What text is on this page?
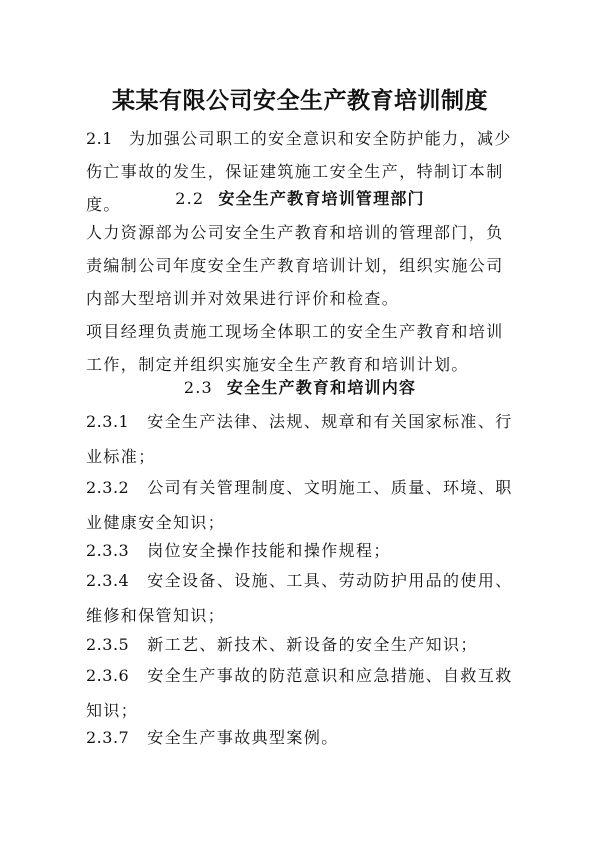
某某有限公司安全生产教育培训制度
2.1 为加强公司职工的安全意识和安全防护能力，减少伤亡事故的发生，保证建筑施工安全生产，特制订本制度。	2.2 安全生产教育培训管理部门
人力资源部为公司安全生产教育和培训的管理部门，负责编制公司年度安全生产教育培训计划，组织实施公司内部大型培训并对效果进行评价和检查。
项目经理负责施工现场全体职工的安全生产教育和培训工作，制定并组织实施安全生产教育和培训计划。
2.3 安全生产教育和培训内容
2.3.1 安全生产法律、法规、规章和有关国家标准、行业标准；
2.3.2 公司有关管理制度、文明施工、质量、环境、职业健康安全知识；
2.3.3 岗位安全操作技能和操作规程；
2.3.4 安全设备、设施、工具、劳动防护用品的使用、维修和保管知识；
2.3.5 新工艺、新技术、新设备的安全生产知识；
2.3.6 安全生产事故的防范意识和应急措施、自救互救知识；
2.3.7 安全生产事故典型案例。
